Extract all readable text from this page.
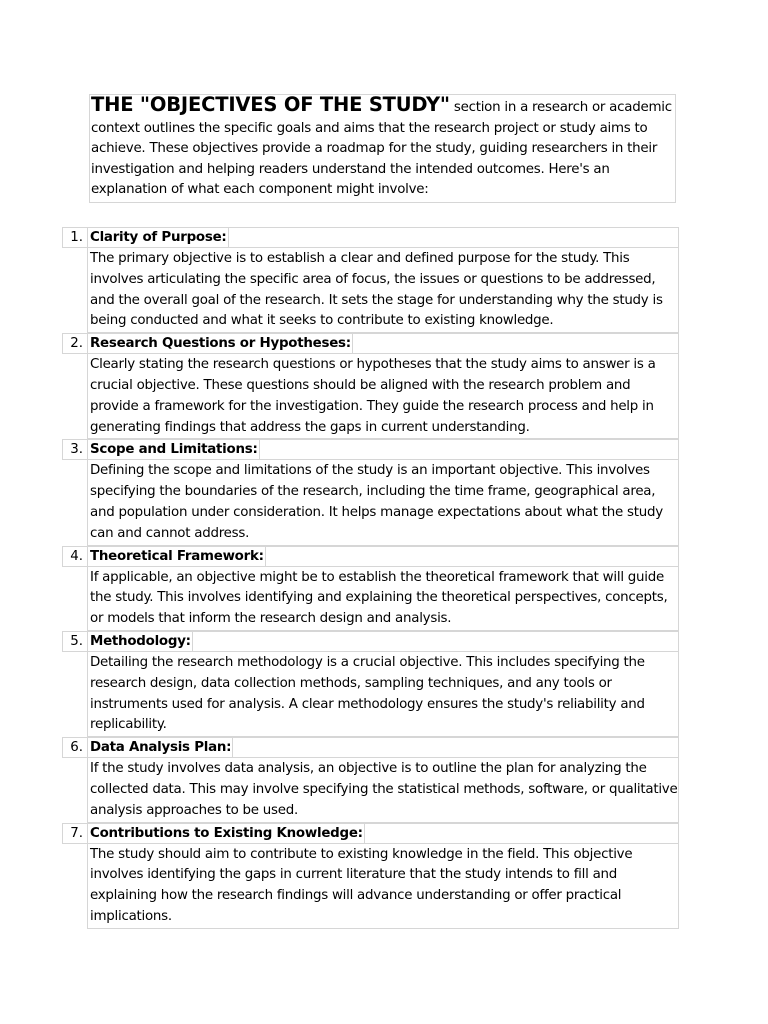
THE "OBJECTIVES OF THE STUDY" section in a research or academic context outlines the specific goals and aims that the research project or study aims to achieve. These objectives provide a roadmap for the study, guiding researchers in their investigation and helping readers understand the intended outcomes. Here's an explanation of what each component might involve:
1. Clarity of Purpose:
The primary objective is to establish a clear and defined purpose for the study. This involves articulating the specific area of focus, the issues or questions to be addressed, and the overall goal of the research. It sets the stage for understanding why the study is being conducted and what it seeks to contribute to existing knowledge.
2. Research Questions or Hypotheses:
Clearly stating the research questions or hypotheses that the study aims to answer is a crucial objective. These questions should be aligned with the research problem and provide a framework for the investigation. They guide the research process and help in generating findings that address the gaps in current understanding.
3. Scope and Limitations:
Defining the scope and limitations of the study is an important objective. This involves specifying the boundaries of the research, including the time frame, geographical area, and population under consideration. It helps manage expectations about what the study can and cannot address.
4. Theoretical Framework:
If applicable, an objective might be to establish the theoretical framework that will guide the study. This involves identifying and explaining the theoretical perspectives, concepts, or models that inform the research design and analysis.
5. Methodology:
Detailing the research methodology is a crucial objective. This includes specifying the research design, data collection methods, sampling techniques, and any tools or instruments used for analysis. A clear methodology ensures the study's reliability and replicability.
6. Data Analysis Plan:
If the study involves data analysis, an objective is to outline the plan for analyzing the collected data. This may involve specifying the statistical methods, software, or qualitative analysis approaches to be used.
7. Contributions to Existing Knowledge:
The study should aim to contribute to existing knowledge in the field. This objective involves identifying the gaps in current literature that the study intends to fill and explaining how the research findings will advance understanding or offer practical implications.
